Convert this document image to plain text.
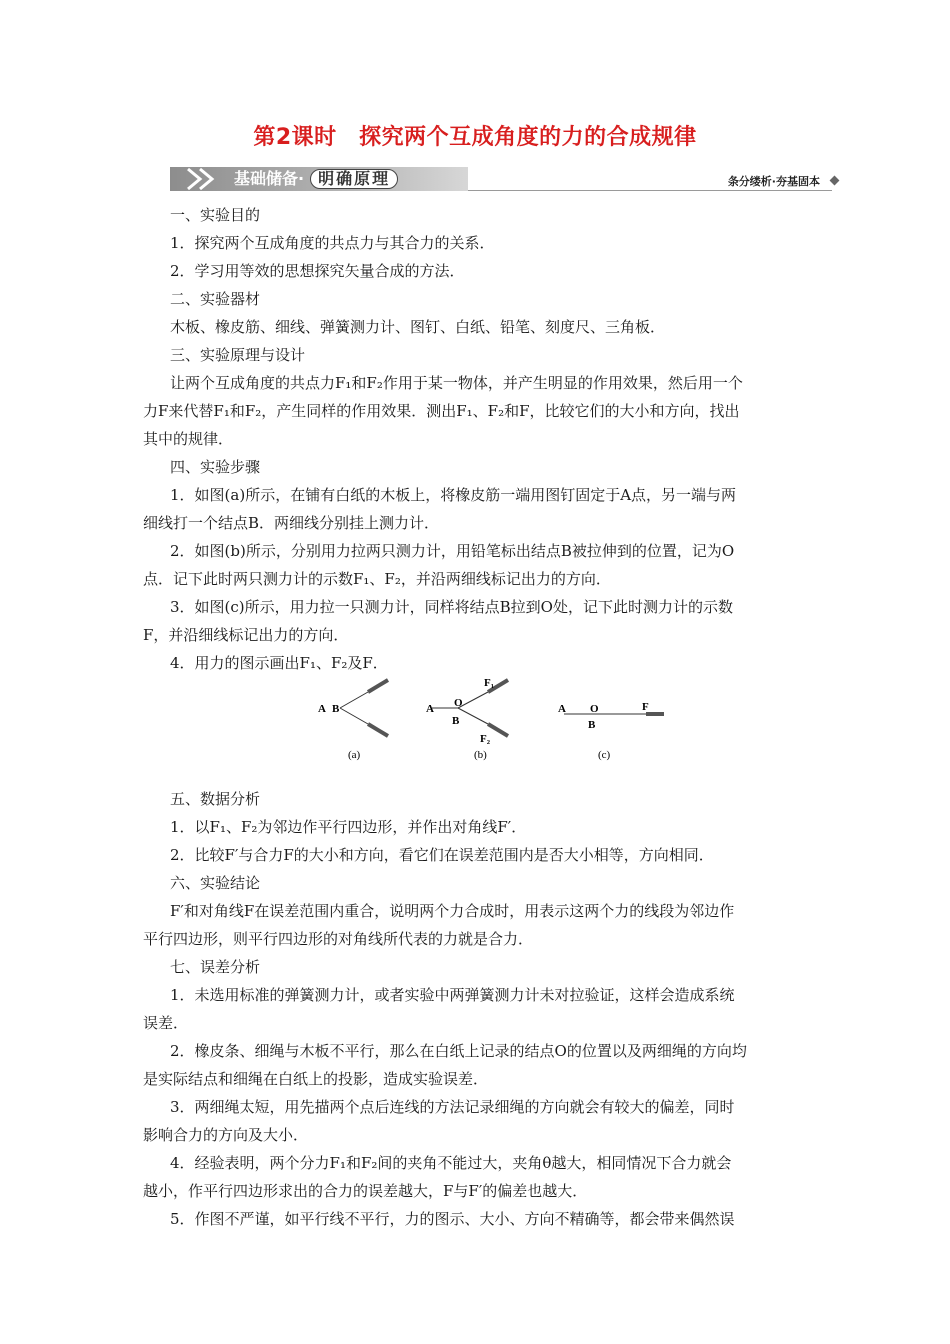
第2课时　探究两个互成角度的力的合成规律
基础储备· 明确原理	条分缕析·夯基固本
一、实验目的
1．探究两个互成角度的共点力与其合力的关系．
2．学习用等效的思想探究矢量合成的方法．
二、实验器材
木板、橡皮筋、细线、弹簧测力计、图钉、白纸、铅笔、刻度尺、三角板．
三、实验原理与设计
让两个互成角度的共点力F₁和F₂作用于某一物体，并产生明显的作用效果，然后用一个
力F来代替F₁和F₂，产生同样的作用效果．测出F₁、F₂和F，比较它们的大小和方向，找出
其中的规律．
四、实验步骤
1．如图(a)所示，在铺有白纸的木板上，将橡皮筋一端用图钉固定于A点，另一端与两
细线打一个结点B．两细线分别挂上测力计．
2．如图(b)所示，分别用力拉两只测力计，用铅笔标出结点B被拉伸到的位置，记为O
点．记下此时两只测力计的示数F₁、F₂，并沿两细线标记出力的方向．
3．如图(c)所示，用力拉一只测力计，同样将结点B拉到O处，记下此时测力计的示数
F，并沿细线标记出力的方向．
4．用力的图示画出F₁、F₂及F．
五、数据分析
1．以F₁、F₂为邻边作平行四边形，并作出对角线F′．
2．比较F′与合力F的大小和方向，看它们在误差范围内是否大小相等，方向相同．
六、实验结论
F′和对角线F在误差范围内重合，说明两个力合成时，用表示这两个力的线段为邻边作
平行四边形，则平行四边形的对角线所代表的力就是合力．
七、误差分析
1．未选用标准的弹簧测力计，或者实验中两弹簧测力计未对拉验证，这样会造成系统
误差．
2．橡皮条、细绳与木板不平行，那么在白纸上记录的结点O的位置以及两细绳的方向均
是实际结点和细绳在白纸上的投影，造成实验误差．
3．两细绳太短，用先描两个点后连线的方法记录细绳的方向就会有较大的偏差，同时
影响合力的方向及大小．
4．经验表明，两个分力F₁和F₂间的夹角不能过大，夹角θ越大，相同情况下合力就会
越小，作平行四边形求出的合力的误差越大，F与F′的偏差也越大．
5．作图不严谨，如平行线不平行，力的图示、大小、方向不精确等，都会带来偶然误
A B
(a)
A O
B
F₁
F₂
(b)
A O
B
F
(c)
